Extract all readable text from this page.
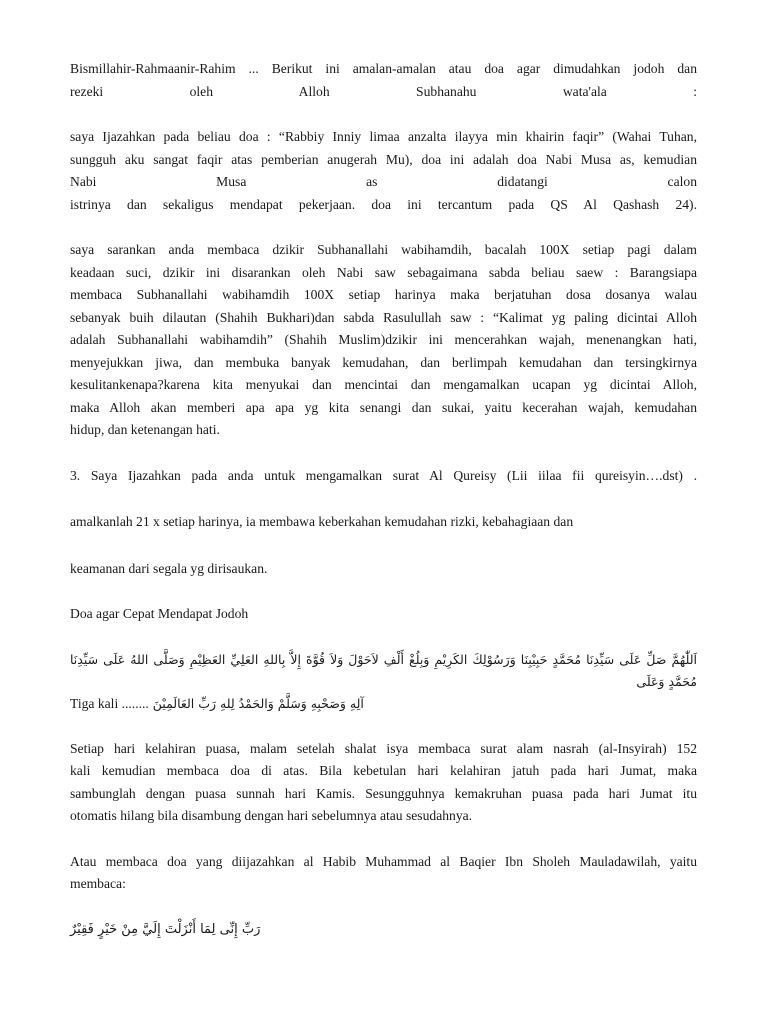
Bismillahir-Rahmaanir-Rahim ... Berikut ini amalan-amalan atau doa agar dimudahkan jodoh dan
rezeki oleh Alloh Subhanahu wata'ala :
saya Ijazahkan pada beliau doa : “Rabbiy Inniy limaa anzalta ilayya min khairin faqir” (Wahai Tuhan,
sungguh aku sangat faqir atas pemberian anugerah Mu), doa ini adalah doa Nabi Musa as, kemudian
Nabi Musa as didatangi calon
istrinya dan sekaligus mendapat pekerjaan. doa ini tercantum pada QS Al Qashash 24).
saya sarankan anda membaca dzikir Subhanallahi wabihamdih, bacalah 100X setiap pagi dalam
keadaan suci, dzikir ini disarankan oleh Nabi saw sebagaimana sabda beliau saew : Barangsiapa
membaca Subhanallahi wabihamdih 100X setiap harinya maka berjatuhan dosa dosanya walau
sebanyak buih dilautan (Shahih Bukhari)dan sabda Rasulullah saw : “Kalimat yg paling dicintai Alloh
adalah Subhanallahi wabihamdih” (Shahih Muslim)dzikir ini mencerahkan wajah, menenangkan hati,
menyejukkan jiwa, dan membuka banyak kemudahan, dan berlimpah kemudahan dan tersingkirnya
kesulitankenapa?karena kita menyukai dan mencintai dan mengamalkan ucapan yg dicintai Alloh,
maka Alloh akan memberi apa apa yg kita senangi dan sukai, yaitu kecerahan wajah, kemudahan
hidup, dan ketenangan hati.
3. Saya Ijazahkan pada anda untuk mengamalkan surat Al Qureisy (Lii iilaa fii qureisyin….dst) .
amalkanlah 21 x setiap harinya, ia membawa keberkahan kemudahan rizki, kebahagiaan dan
keamanan dari segala yg dirisaukan.
Doa agar Cepat Mendapat Jodoh

اَللّٰهُمَّ صَلِّ عَلَى سَيِّدِنَا مُحَمَّدٍ حَبِيْبِنَا وَرَسُوْلِكَ الكَرِيْمِ وَبِلُغْ أَلْفِ لاَحَوْلَ وَلاَ قُوَّةَ إِلاَّ بِاللهِ العَلِيِّ العَظِيْمِ وَصَلَّى اللهُ عَلَى سَيِّدِنَا مُحَمَّدٍ وَعَلَى

آلِهِ وَصَحْبِهِ وَسَلَّمْ وَالحَمْدُ لِلهِ رَبِّ العَالَمِيْنَ Tiga kali ........

Setiap hari kelahiran puasa, malam setelah shalat isya membaca surat alam nasrah (al-Insyirah) 152
kali kemudian membaca doa di atas. Bila kebetulan hari kelahiran jatuh pada hari Jumat, maka
sambunglah dengan puasa sunnah hari Kamis. Sesungguhnya kemakruhan puasa pada hari Jumat itu
otomatis hilang bila disambung dengan hari sebelumnya atau sesudahnya.
Atau membaca doa yang diijazahkan al Habib Muhammad al Baqier Ibn Sholeh Mauladawilah, yaitu
membaca:

رَبِّ إِنِّى لِمَا أَنْزَلْتَ إِلَيَّ مِنْ خَيْرٍ فَقِيْرٌ
